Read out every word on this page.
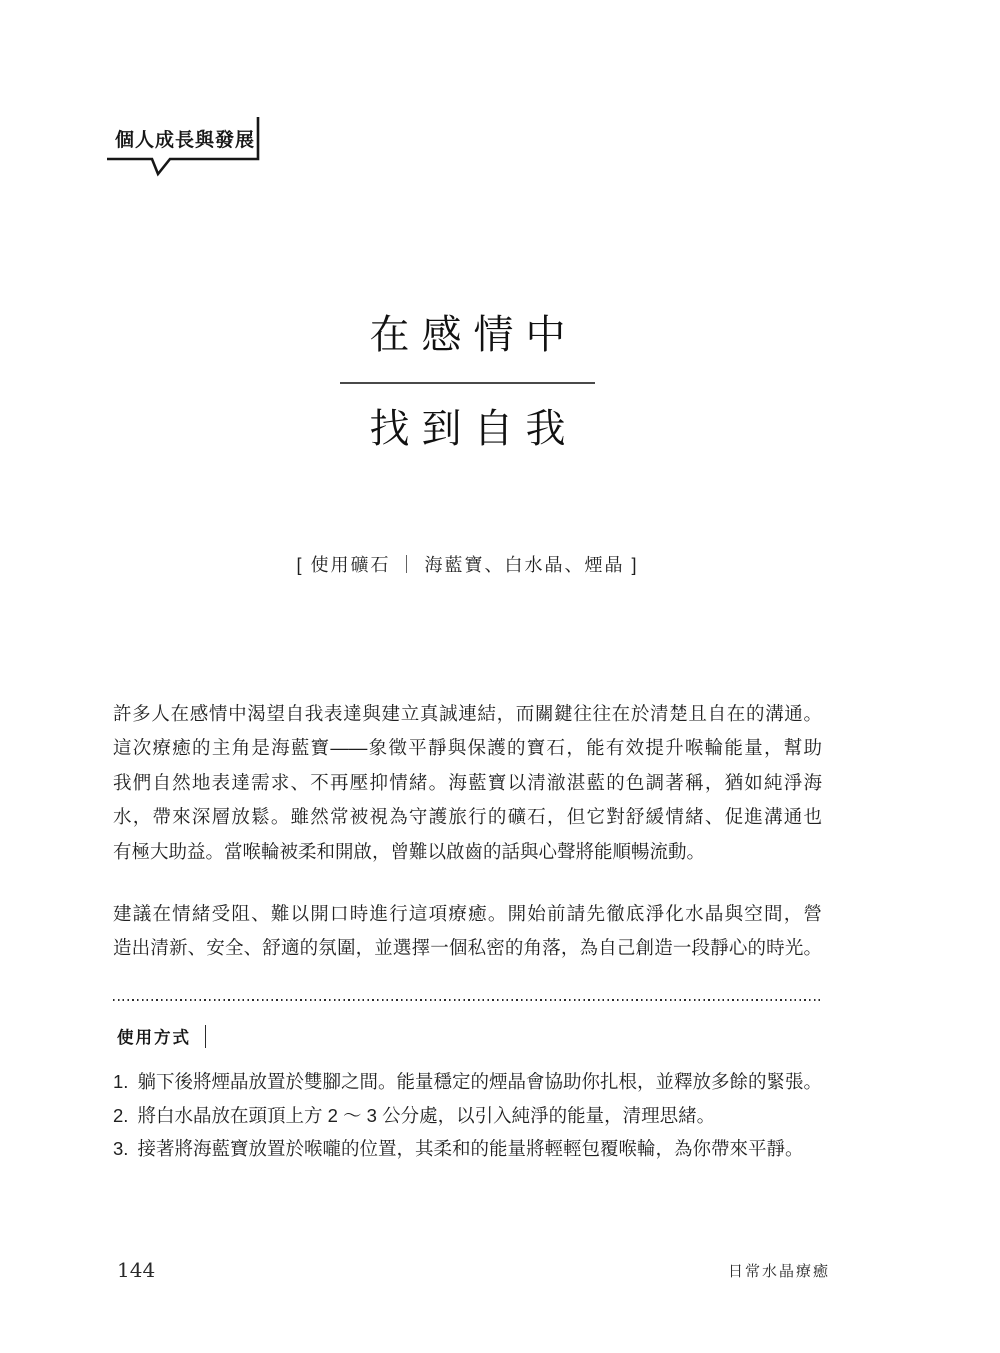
個人成長與發展
在感情中
找到自我
[ 使用礦石 ｜ 海藍寶、白水晶、煙晶 ]
許多人在感情中渴望自我表達與建立真誠連結，而關鍵往往在於清楚且自在的溝通。
這次療癒的主角是海藍寶——象徵平靜與保護的寶石，能有效提升喉輪能量，幫助
我們自然地表達需求、不再壓抑情緒。海藍寶以清澈湛藍的色調著稱，猶如純淨海
水，帶來深層放鬆。雖然常被視為守護旅行的礦石，但它對舒緩情緒、促進溝通也
有極大助益。當喉輪被柔和開啟，曾難以啟齒的話與心聲將能順暢流動。
建議在情緒受阻、難以開口時進行這項療癒。開始前請先徹底淨化水晶與空間，營
造出清新、安全、舒適的氛圍，並選擇一個私密的角落，為自己創造一段靜心的時光。
使用方式
1. 躺下後將煙晶放置於雙腳之間。能量穩定的煙晶會協助你扎根，並釋放多餘的緊張。
2. 將白水晶放在頭頂上方 2 ～ 3 公分處，以引入純淨的能量，清理思緒。
3. 接著將海藍寶放置於喉嚨的位置，其柔和的能量將輕輕包覆喉輪，為你帶來平靜。
144	日常水晶療癒
